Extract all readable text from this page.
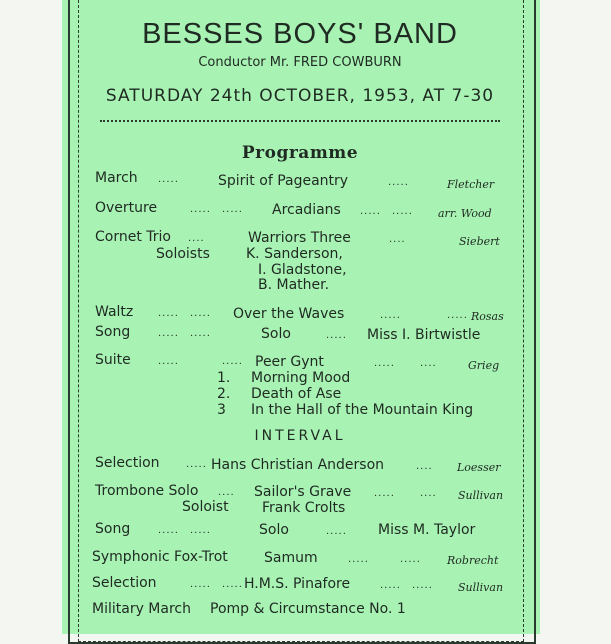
BESSES BOYS' BAND
Conductor Mr. FRED COWBURN
SATURDAY 24th OCTOBER, 1953, AT 7-30
Programme
March .....	Spirit of Pageantry	.....	Fletcher
Overture	..... ..... Arcadians ..... ..... arr. Wood
Cornet Trio ....	Warriors Three	....	Siebert
Soloists	K. Sanderson,
I. Gladstone,
B. Mather.
Waltz ..... ..... Over the Waves	.....	..... Rosas
Song	..... .....	Solo	..... Miss I. Birtwistle
Suite	.....	..... Peer Gynt	.....	....	Grieg
1. Morning Mood
2. Death of Ase
3 In the Hall of the Mountain King
INTERVAL
Selection	..... Hans Christian Anderson	.... Loesser
Trombone Solo .... Sailor's Grave .....	.... Sullivan
Soloist Frank Crolts
Song	..... .....	Solo	..... Miss M. Taylor
Symphonic Fox-Trot	Samum	.....	..... Robrecht
Selection	..... ..... H.M.S. Pinafore	..... ..... Sullivan
Military March Pomp & Circumstance No. 1
